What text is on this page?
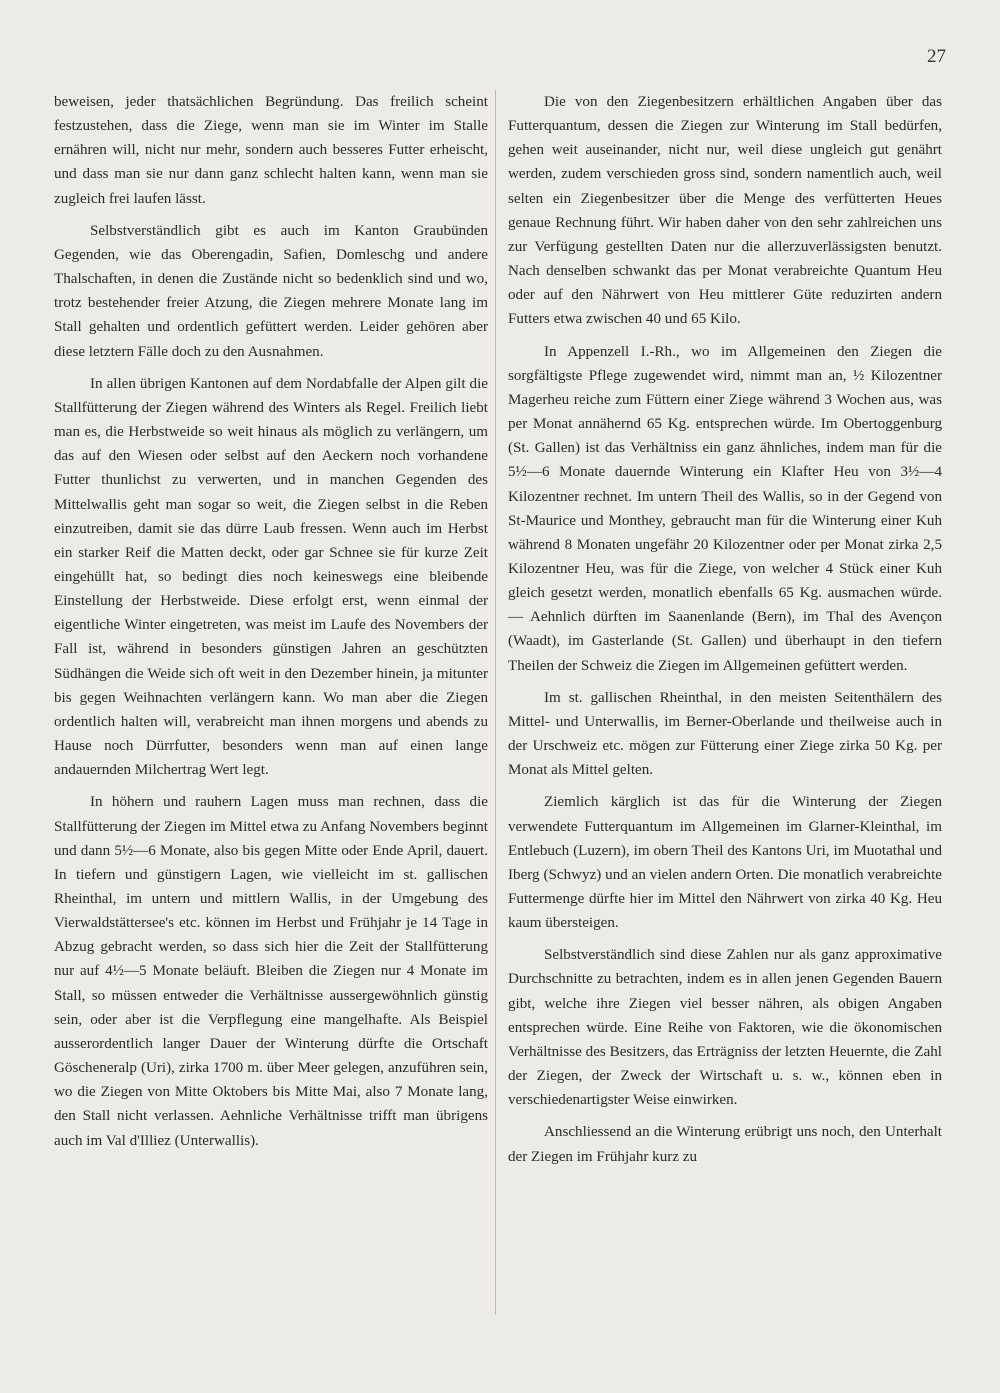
27

beweisen, jeder thatsächlichen Begründung. Das freilich scheint festzustehen, dass die Ziege, wenn man sie im Winter im Stalle ernähren will, nicht nur mehr, sondern auch besseres Futter erheischt, und dass man sie nur dann ganz schlecht halten kann, wenn man sie zugleich frei laufen lässt.

Selbstverständlich gibt es auch im Kanton Graubünden Gegenden, wie das Oberengadin, Safien, Domleschg und andere Thalschaften, in denen die Zustände nicht so bedenklich sind und wo, trotz bestehender freier Atzung, die Ziegen mehrere Monate lang im Stall gehalten und ordentlich gefüttert werden. Leider gehören aber diese letztern Fälle doch zu den Ausnahmen.

In allen übrigen Kantonen auf dem Nordabfalle der Alpen gilt die Stallfütterung der Ziegen während des Winters als Regel. Freilich liebt man es, die Herbstweide so weit hinaus als möglich zu verlängern, um das auf den Wiesen oder selbst auf den Aeckern noch vorhandene Futter thunlichst zu verwerten, und in manchen Gegenden des Mittelwallis geht man sogar so weit, die Ziegen selbst in die Reben einzutreiben, damit sie das dürre Laub fressen. Wenn auch im Herbst ein starker Reif die Matten deckt, oder gar Schnee sie für kurze Zeit eingehüllt hat, so bedingt dies noch keineswegs eine bleibende Einstellung der Herbstweide. Diese erfolgt erst, wenn einmal der eigentliche Winter eingetreten, was meist im Laufe des Novembers der Fall ist, während in besonders günstigen Jahren an geschützten Südhängen die Weide sich oft weit in den Dezember hinein, ja mitunter bis gegen Weihnachten verlängern kann. Wo man aber die Ziegen ordentlich halten will, verabreicht man ihnen morgens und abends zu Hause noch Dürrfutter, besonders wenn man auf einen lange andauernden Milchertrag Wert legt.

In höhern und rauhern Lagen muss man rechnen, dass die Stallfütterung der Ziegen im Mittel etwa zu Anfang Novembers beginnt und dann 5½—6 Monate, also bis gegen Mitte oder Ende April, dauert. In tiefern und günstigern Lagen, wie vielleicht im st. gallischen Rheinthal, im untern und mittlern Wallis, in der Umgebung des Vierwaldstättersee's etc. können im Herbst und Frühjahr je 14 Tage in Abzug gebracht werden, so dass sich hier die Zeit der Stallfütterung nur auf 4½—5 Monate beläuft. Bleiben die Ziegen nur 4 Monate im Stall, so müssen entweder die Verhältnisse aussergewöhnlich günstig sein, oder aber ist die Verpflegung eine mangelhafte. Als Beispiel ausserordentlich langer Dauer der Winterung dürfte die Ortschaft Göscheneralp (Uri), zirka 1700 m. über Meer gelegen, anzuführen sein, wo die Ziegen von Mitte Oktobers bis Mitte Mai, also 7 Monate lang, den Stall nicht verlassen. Aehnliche Verhältnisse trifft man übrigens auch im Val d'Illiez (Unterwallis).

Die von den Ziegenbesitzern erhältlichen Angaben über das Futterquantum, dessen die Ziegen zur Winterung im Stall bedürfen, gehen weit auseinander, nicht nur, weil diese ungleich gut genährt werden, zudem verschieden gross sind, sondern namentlich auch, weil selten ein Ziegenbesitzer über die Menge des verfütterten Heues genaue Rechnung führt. Wir haben daher von den sehr zahlreichen uns zur Verfügung gestellten Daten nur die allerzuverlässigsten benutzt. Nach denselben schwankt das per Monat verabreichte Quantum Heu oder auf den Nährwert von Heu mittlerer Güte reduzirten andern Futters etwa zwischen 40 und 65 Kilo.

In Appenzell I.-Rh., wo im Allgemeinen den Ziegen die sorgfältigste Pflege zugewendet wird, nimmt man an, ½ Kilozentner Magerheu reiche zum Füttern einer Ziege während 3 Wochen aus, was per Monat annähernd 65 Kg. entsprechen würde. Im Obertoggenburg (St. Gallen) ist das Verhältniss ein ganz ähnliches, indem man für die 5½—6 Monate dauernde Winterung ein Klafter Heu von 3½—4 Kilozentner rechnet. Im untern Theil des Wallis, so in der Gegend von St-Maurice und Monthey, gebraucht man für die Winterung einer Kuh während 8 Monaten ungefähr 20 Kilozentner oder per Monat zirka 2,5 Kilozentner Heu, was für die Ziege, von welcher 4 Stück einer Kuh gleich gesetzt werden, monatlich ebenfalls 65 Kg. ausmachen würde. — Aehnlich dürften im Saanenlande (Bern), im Thal des Avençon (Waadt), im Gasterlande (St. Gallen) und überhaupt in den tiefern Theilen der Schweiz die Ziegen im Allgemeinen gefüttert werden.

Im st. gallischen Rheinthal, in den meisten Seitenthälern des Mittel- und Unterwallis, im Berner-Oberlande und theilweise auch in der Urschweiz etc. mögen zur Fütterung einer Ziege zirka 50 Kg. per Monat als Mittel gelten.

Ziemlich kärglich ist das für die Winterung der Ziegen verwendete Futterquantum im Allgemeinen im Glarner-Kleinthal, im Entlebuch (Luzern), im obern Theil des Kantons Uri, im Muotathal und Iberg (Schwyz) und an vielen andern Orten. Die monatlich verabreichte Futtermenge dürfte hier im Mittel den Nährwert von zirka 40 Kg. Heu kaum übersteigen.

Selbstverständlich sind diese Zahlen nur als ganz approximative Durchschnitte zu betrachten, indem es in allen jenen Gegenden Bauern gibt, welche ihre Ziegen viel besser nähren, als obigen Angaben entsprechen würde. Eine Reihe von Faktoren, wie die ökonomischen Verhältnisse des Besitzers, das Erträgniss der letzten Heuernte, die Zahl der Ziegen, der Zweck der Wirtschaft u. s. w., können eben in verschiedenartigster Weise einwirken.

Anschliessend an die Winterung erübrigt uns noch, den Unterhalt der Ziegen im Frühjahr kurz zu
